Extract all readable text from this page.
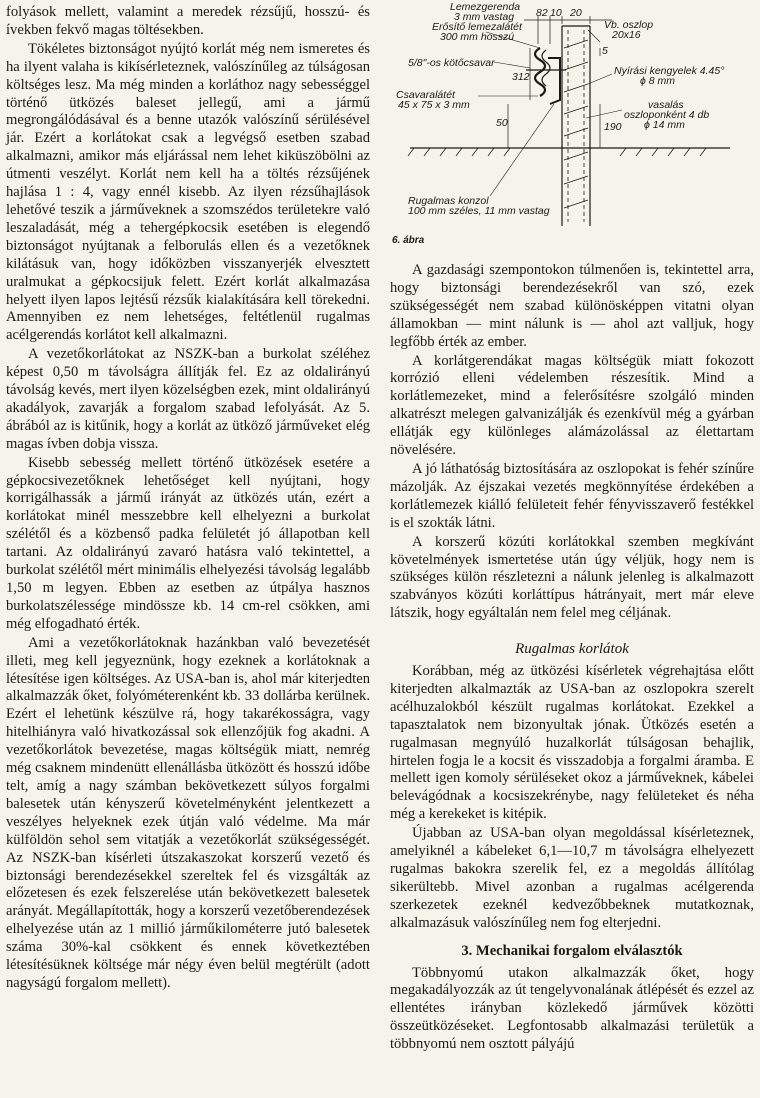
folyások mellett, valamint a meredek rézsűjű, hosszú- és ívekben fekvő magas töltésekben.

Tökéletes biztonságot nyújtó korlát még nem ismeretes és ha ilyent valaha is kikísérleteznek, valószínűleg az túlságosan költséges lesz. Ma még minden a korláthoz nagy sebességgel történő ütközés baleset jellegű, ami a jármű megrongálódásával és a benne utazók valószínű sérülésével jár. Ezért a korlátokat csak a legvégső esetben szabad alkalmazni, amikor más eljárással nem lehet kiküszöbölni az útmenti veszélyt. Korlát nem kell ha a töltés rézsűjének hajlása 1 : 4, vagy ennél kisebb. Az ilyen rézsűhajlások lehetővé teszik a járműveknek a szomszédos területekre való leszaladását, még a tehergépkocsik esetében is elegendő biztonságot nyújtanak a felborulás ellen és a vezetőknek kilátásuk van, hogy időközben visszanyerjék elvesztett uralmukat a gépkocsijuk felett. Ezért korlát alkalmazása helyett ilyen lapos lejtésű rézsűk kialakítására kell törekedni. Amennyiben ez nem lehetséges, feltétlenül rugalmas acélgerendás korlátot kell alkalmazni.

A vezetőkorlátokat az NSZK-ban a burkolat széléhez képest 0,50 m távolságra állítják fel. Ez az oldalirányú távolság kevés, mert ilyen közelségben ezek, mint oldalirányú akadályok, zavarják a forgalom szabad lefolyását. Az 5. ábrából az is kitűnik, hogy a korlát az ütköző járműveket elég magas ívben dobja vissza.

Kisebb sebesség mellett történő ütközések esetére a gépkocsivezetőknek lehetőséget kell nyújtani, hogy korrigálhassák a jármű irányát az ütközés után, ezért a korlátokat minél messzebbre kell elhelyezni a burkolat szélétől és a közbenső padka felületét jó állapotban kell tartani. Az oldalirányú zavaró hatásra való tekintettel, a burkolat szélétől mért minimális elhelyezési távolság legalább 1,50 m legyen. Ebben az esetben az útpálya hasznos burkolatszélessége mindössze kb. 14 cm-rel csökken, ami még elfogadható érték.

Ami a vezetőkorlátoknak hazánkban való bevezetését illeti, meg kell jegyeznünk, hogy ezeknek a korlátoknak a létesítése igen költséges. Az USA-ban is, ahol már kiterjedten alkalmazzák őket, folyóméterenként kb. 33 dollárba kerülnek. Ezért el lehetünk készülve rá, hogy takarékosságra, vagy hitelhiányra való hivatkozással sok ellenzőjük fog akadni. A vezetőkorlátok bevezetése, magas költségük miatt, nemrég még csaknem mindenütt ellenállásba ütközött és hosszú időbe telt, amíg a nagy számban bekövetkezett súlyos forgalmi balesetek után kényszerű követelményként jelentkezett a veszélyes helyeknek ezek útján való védelme. Ma már külföldön sehol sem vitatják a vezetőkorlát szükségességét. Az NSZK-ban kísérleti útszakaszokat korszerű vezető és biztonsági berendezésekkel szereltek fel és vizsgálták az előzetesen és ezek felszerelése után bekövetkezett balesetek arányát. Megállapították, hogy a korszerű vezetőberendezések elhelyezése után az 1 millió járműkilométerre jutó balesetek száma 30%-kal csökkent és ennek következtében létesítésüknek költsége már négy éven belül megtérült (adott nagyságú forgalom mellett).

Lemezgerenda
3 mm vastag
Erősítő lemezalátét
300 mm hosszú
82 10 20
5
Vb. oszlop
20x16
5/8"-os kötőcsavar
312	Nyírási kengyelek 4.45°
ϕ 8 mm
Csavaralátét
45 x 75 x 3 mm
50	190
vasalás
oszloponként 4 db
ϕ 14 mm
Rugalmas konzol
100 mm széles, 11 mm vastag
6. ábra

A gazdasági szempontokon túlmenően is, tekintettel arra, hogy biztonsági berendezésekről van szó, ezek szükségességét nem szabad különösképpen vitatni olyan államokban — mint nálunk is — ahol azt valljuk, hogy legfőbb érték az ember.

A korlátgerendákat magas költségük miatt fokozott korrózió elleni védelemben részesítik. Mind a korlátlemezeket, mind a felerősítésre szolgáló minden alkatrészt melegen galvanizálják és ezenkívül még a gyárban ellátják egy különleges alámázolással az élettartam növelésére.

A jó láthatóság biztosítására az oszlopokat is fehér színűre mázolják. Az éjszakai vezetés megkönnyítése érdekében a korlátlemezek kiálló felületeit fehér fényvisszaverő festékkel is el szokták látni.

A korszerű közúti korlátokkal szemben megkívánt követelmények ismertetése után úgy véljük, hogy nem is szükséges külön részletezni a nálunk jelenleg is alkalmazott szabványos közúti korláttípus hátrányait, mert már eleve látszik, hogy egyáltalán nem felel meg céljának.

Rugalmas korlátok

Korábban, még az ütközési kísérletek végrehajtása előtt kiterjedten alkalmazták az USA-ban az oszlopokra szerelt acélhuzalokból készült rugalmas korlátokat. Ezekkel a tapasztalatok nem bizonyultak jónak. Ütközés esetén a rugalmasan megnyúló huzalkorlát túlságosan behajlik, hirtelen fogja le a kocsit és visszadobja a forgalmi áramba. E mellett igen komoly sérüléseket okoz a járműveknek, kábelei belevágódnak a kocsiszekrénybe, nagy felületeket és néha még a kerekeket is kitépik.

Újabban az USA-ban olyan megoldással kísérleteznek, amelyiknél a kábeleket 6,1—10,7 m távolságra elhelyezett rugalmas bakokra szerelik fel, ez a megoldás állítólag sikerültebb. Mivel azonban a rugalmas acélgerenda szerkezetek ezeknél kedvezőbbeknek mutatkoznak, alkalmazásuk valószínűleg nem fog elterjedni.

3. Mechanikai forgalom elválasztók

Többnyomú utakon alkalmazzák őket, hogy megakadályozzák az út tengelyvonalának átlépését és ezzel az ellentétes irányban közlekedő járművek közötti összeütközéseket. Legfontosabb alkalmazási területük a többnyomú nem osztott pályájú
